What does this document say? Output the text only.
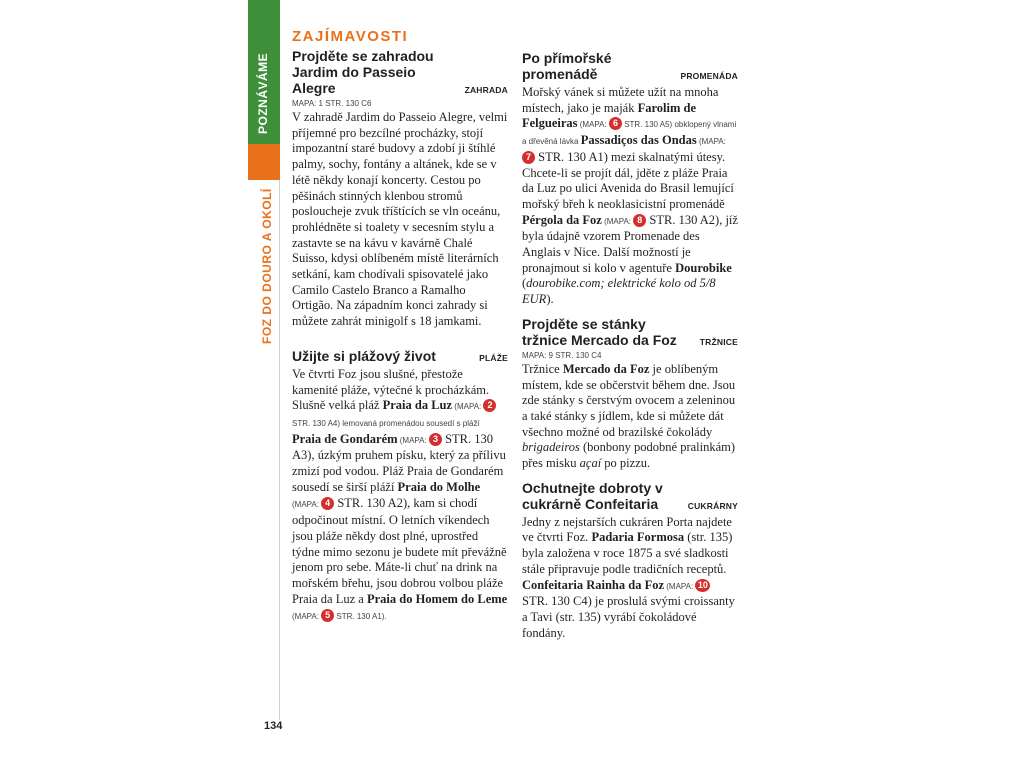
POZNÁVÁME
FOZ DO DOURO A OKOLÍ
ZAJÍMAVOSTI
Projděte se zahradou Jardim do Passeio Alegre	ZAHRADA
MAPA: 1 STR. 130 C6
V zahradě Jardim do Passeio Alegre, velmi příjemné pro bezcílné procházky, stojí impozantní staré budovy a zdobí ji štíhlé palmy, sochy, fontány a altánek, kde se v létě někdy konají koncerty. Cestou po pěšinách stinných klenbou stromů posloucheje zvuk tříštících se vln oceánu, prohlédněte si toalety v secesním stylu a zastavte se na kávu v kavárně Chalé Suisso, kdysi oblíbeném místě literárních setkání, kam chodívali spisovatelé jako Camilo Castelo Branco a Ramalho Ortigão. Na západním konci zahrady si můžete zahrát minigolf s 18 jamkami.
Užijte si plážový život	PLÁŽE
Ve čtvrti Foz jsou slušné, přestože kamenité pláže, výtečné k procházkám. Slušně velká pláž Praia da Luz (MAPA: 2 STR. 130 A4) lemovaná promenádou sousedí s pláží Praia de Gondarém (MAPA: 3 STR. 130 A3), úzkým pruhem písku, který za přílivu zmizí pod vodou. Pláž Praia de Gondarém sousedí se širší pláží Praia do Molhe (MAPA: 4 STR. 130 A2), kam si chodí odpočinout místní. O letních víkendech jsou pláže někdy dost plné, uprostřed týdne mimo sezonu je budete mít převážně jenom pro sebe. Máte-li chuť na drink na mořském břehu, jsou dobrou volbou pláže Praia da Luz a Praia do Homem do Leme (MAPA: 5 STR. 130 A1).
Po přímořské promenádě	PROMENÁDA
Mořský vánek si můžete užít na mnoha místech, jako je maják Farolim de Felgueiras (MAPA: 6 STR. 130 A5) obklopený vlnami a dřevěná lávka Passadiços das Ondas (MAPA: 7 STR. 130 A1) mezi skalnatými útesy. Chcete-li se projít dál, jděte z pláže Praia da Luz po ulici Avenida do Brasil lemující mořský břeh k neoklasicistní promenádě Pérgola da Foz (MAPA: 8 STR. 130 A2), jíž byla údajně vzorem Promenade des Anglais v Nice. Další možností je pronajmout si kolo v agentuře Dourobike (dourobike.com; elektrické kolo od 5/8 EUR).
Projděte se stánky tržnice Mercado da Foz	TRŽNICE
MAPA: 9 STR. 130 C4
Tržnice Mercado da Foz je oblíbeným místem, kde se občerstvit během dne. Jsou zde stánky s čerstvým ovocem a zeleninou a také stánky s jídlem, kde si můžete dát všechno možné od brazilské čokolády brigadeiros (bonbony podobné pralinkám) přes misku açaí po pizzu.
Ochutnejte dobroty v cukrárně Confeitaria	CUKRÁRNY
Jedny z nejstarších cukráren Porta najdete ve čtvrti Foz. Padaria Formosa (str. 135) byla založena v roce 1875 a své sladkosti stále připravuje podle tradičních receptů. Confeitaria Rainha da Foz (MAPA: 10 STR. 130 C4) je proslulá svými croissanty a Tavi (str. 135) vyrábí čokoládové fondány.
134
